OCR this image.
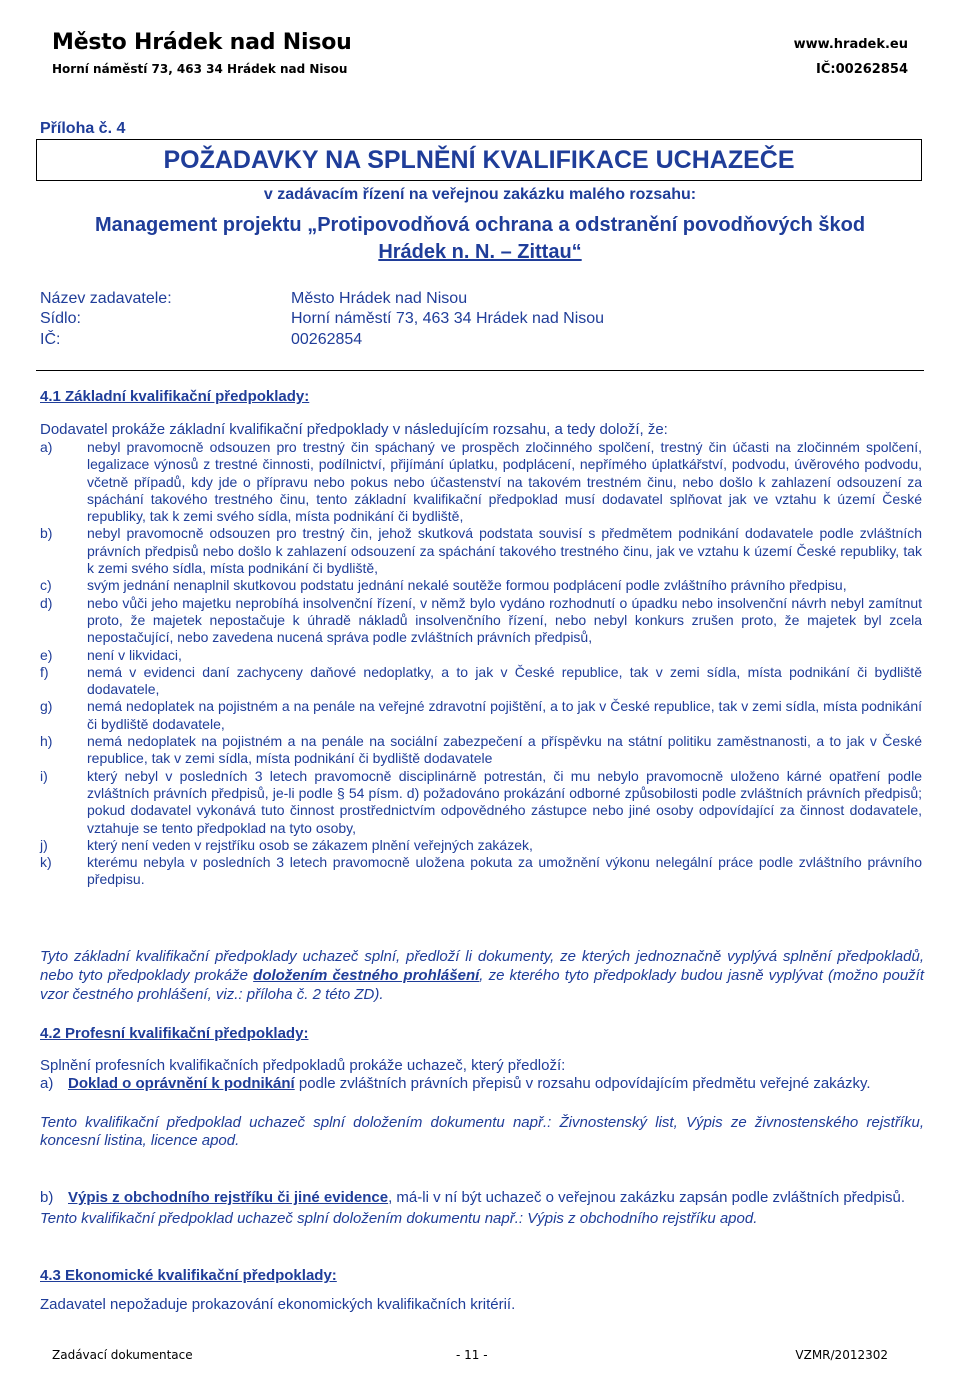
Město Hrádek nad Nisou
Horní náměstí 73, 463 34 Hrádek nad Nisou
www.hradek.eu
IČ:00262854
Příloha č. 4
POŽADAVKY NA SPLNĚNÍ KVALIFIKACE UCHAZEČE
v zadávacím řízení na veřejnou zakázku malého rozsahu:
Management projektu „Protipovodňová ochrana a odstranění povodňových škod
Hrádek n. N. – Zittau“
Název zadavatele:	Město Hrádek nad Nisou
Sídlo:	Horní náměstí 73, 463 34 Hrádek nad Nisou
IČ:	00262854
4.1 Základní kvalifikační předpoklady:
Dodavatel prokáže základní kvalifikační předpoklady v následujícím rozsahu, a tedy doloží, že:
a) nebyl pravomocně odsouzen pro trestný čin spáchaný ve prospěch zločinného spolčení, trestný čin účasti na zločinném spolčení, legalizace výnosů z trestné činnosti, podílnictví, přijímání úplatku, podplácení, nepřímého úplatkářství, podvodu, úvěrového podvodu, včetně případů, kdy jde o přípravu nebo pokus nebo účastenství na takovém trestném činu, nebo došlo k zahlazení odsouzení za spáchání takového trestného činu, tento základní kvalifikační předpoklad musí dodavatel splňovat jak ve vztahu k území České republiky, tak k zemi svého sídla, místa podnikání či bydliště,
b) nebyl pravomocně odsouzen pro trestný čin, jehož skutková podstata souvisí s předmětem podnikání dodavatele podle zvláštních právních předpisů nebo došlo k zahlazení odsouzení za spáchání takového trestného činu, jak ve vztahu k území České republiky, tak k zemi svého sídla, místa podnikání či bydliště,
c)	svým jednání nenaplnil skutkovou podstatu jednání nekalé soutěže formou podplácení podle zvláštního právního předpisu,
d) nebo vůči jeho majetku neprobíhá insolvenční řízení, v němž bylo vydáno rozhodnutí o úpadku nebo insolvenční návrh nebyl zamítnut proto, že majetek nepostačuje k úhradě nákladů insolvenčního řízení, nebo nebyl konkurs zrušen proto, že majetek byl zcela nepostačující, nebo zavedena nucená správa podle zvláštních právních předpisů,
e) není v likvidaci,
f)	nemá v evidenci daní zachyceny daňové nedoplatky, a to jak v České republice, tak v zemi sídla, místa podnikání či bydliště dodavatele,
g) nemá nedoplatek na pojistném a na penále na veřejné zdravotní pojištění, a to jak v České republice, tak v zemi sídla, místa podnikání či bydliště dodavatele,
h) nemá nedoplatek na pojistném a na penále na sociální zabezpečení a příspěvku na státní politiku zaměstnanosti, a to jak v České republice, tak v zemi sídla, místa podnikání či bydliště dodavatele
i)	který nebyl v posledních 3 letech pravomocně disciplinárně potrestán, či mu nebylo pravomocně uloženo kárné opatření podle zvláštních právních předpisů, je-li podle § 54 písm. d) požadováno prokázání odborné způsobilosti podle zvláštních právních předpisů; pokud dodavatel vykonává tuto činnost prostřednictvím odpovědného zástupce nebo jiné osoby odpovídající za činnost dodavatele, vztahuje se tento předpoklad na tyto osoby,
j)	který není veden v rejstříku osob se zákazem plnění veřejných zakázek,
k)	kterému nebyla v posledních 3 letech pravomocně uložena pokuta za umožnění výkonu nelegální práce podle zvláštního právního předpisu.
Tyto základní kvalifikační předpoklady uchazeč splní, předloží li dokumenty, ze kterých jednoznačně vyplývá splnění předpokladů, nebo tyto předpoklady prokáže doložením čestného prohlášení, ze kterého tyto předpoklady budou jasně vyplývat (možno použít vzor čestného prohlášení, viz.: příloha č. 2 této ZD).
4.2 Profesní kvalifikační předpoklady:
Splnění profesních kvalifikačních předpokladů prokáže uchazeč, který předloží:
a) Doklad o oprávnění k podnikání podle zvláštních právních přepisů v rozsahu odpovídajícím předmětu veřejné zakázky.
Tento kvalifikační předpoklad uchazeč splní doložením dokumentu např.: Živnostenský list, Výpis ze živnostenského rejstříku, koncesní listina, licence apod.
b) Výpis z obchodního rejstříku či jiné evidence, má-li v ní být uchazeč o veřejnou zakázku zapsán podle zvláštních předpisů.
Tento kvalifikační předpoklad uchazeč splní doložením dokumentu např.: Výpis z obchodního rejstříku apod.
4.3 Ekonomické kvalifikační předpoklady:
Zadavatel nepožaduje prokazování ekonomických kvalifikačních kritérií.
Zadávací dokumentace	- 11 -	VZMR/2012302
